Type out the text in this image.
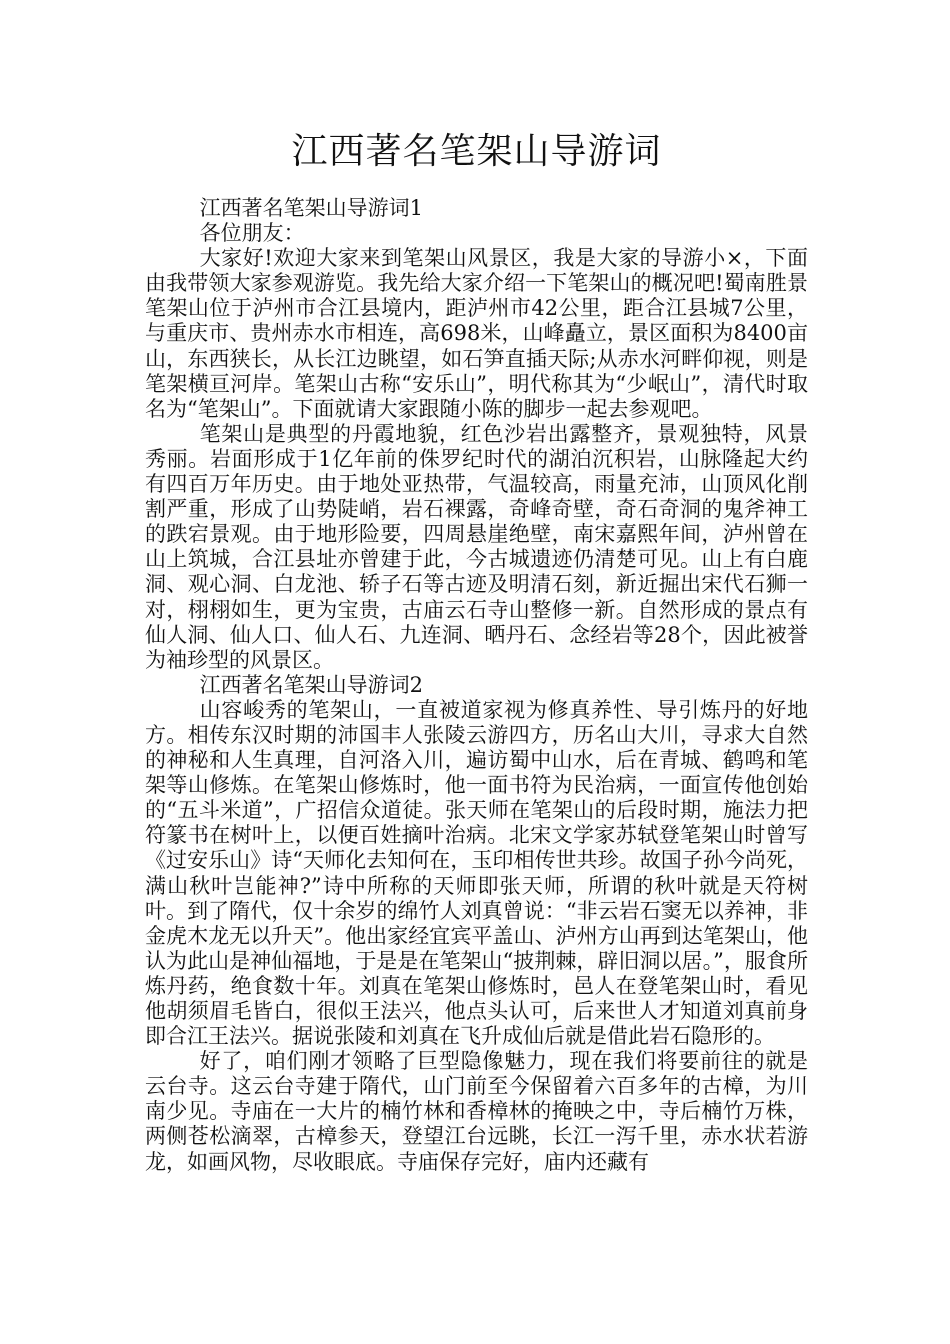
江西著名笔架山导游词

江西著名笔架山导游词1

各位朋友：

大家好!欢迎大家来到笔架山风景区，我是大家的导游小×，下面由我带领大家参观游览。我先给大家介绍一下笔架山的概况吧!蜀南胜景笔架山位于泸州市合江县境内，距泸州市42公里，距合江县城7公里，与重庆市、贵州赤水市相连，高698米，山峰矗立，景区面积为8400亩山，东西狭长，从长江边眺望，如石笋直插天际;从赤水河畔仰视，则是笔架横亘河岸。笔架山古称“安乐山”，明代称其为“少岷山”，清代时取名为“笔架山”。下面就请大家跟随小陈的脚步一起去参观吧。

笔架山是典型的丹霞地貌，红色沙岩出露整齐，景观独特，风景秀丽。岩面形成于1亿年前的侏罗纪时代的湖泊沉积岩，山脉隆起大约有四百万年历史。由于地处亚热带，气温较高，雨量充沛，山顶风化削割严重，形成了山势陡峭，岩石裸露，奇峰奇壁，奇石奇洞的鬼斧神工的跌宕景观。由于地形险要，四周悬崖绝壁，南宋嘉熙年间，泸州曾在山上筑城，合江县址亦曾建于此，今古城遗迹仍清楚可见。山上有白鹿洞、观心洞、白龙池、轿子石等古迹及明清石刻，新近掘出宋代石狮一对，栩栩如生，更为宝贵，古庙云石寺山整修一新。自然形成的景点有仙人洞、仙人口、仙人石、九连洞、晒丹石、念经岩等28个，因此被誉为袖珍型的风景区。

江西著名笔架山导游词2

山容峻秀的笔架山，一直被道家视为修真养性、导引炼丹的好地方。相传东汉时期的沛国丰人张陵云游四方，历名山大川，寻求大自然的神秘和人生真理，自河洛入川，遍访蜀中山水，后在青城、鹤鸣和笔架等山修炼。在笔架山修炼时，他一面书符为民治病，一面宣传他创始的“五斗米道”，广招信众道徒。张天师在笔架山的后段时期，施法力把符篆书在树叶上，以便百姓摘叶治病。北宋文学家苏轼登笔架山时曾写《过安乐山》诗“天师化去知何在，玉印相传世共珍。故国子孙今尚死，满山秋叶岂能神?”诗中所称的天师即张天师，所谓的秋叶就是天符树叶。到了隋代，仅十余岁的绵竹人刘真曾说：“非云岩石窦无以养神，非金虎木龙无以升天”。他出家经宜宾平盖山、泸州方山再到达笔架山，他认为此山是神仙福地，于是是在笔架山“披荆棘，辟旧洞以居。”，服食所炼丹药，绝食数十年。刘真在笔架山修炼时，邑人在登笔架山时，看见他胡须眉毛皆白，很似王法兴，他点头认可，后来世人才知道刘真前身即合江王法兴。据说张陵和刘真在飞升成仙后就是借此岩石隐形的。

好了，咱们刚才领略了巨型隐像魅力，现在我们将要前往的就是云台寺。这云台寺建于隋代，山门前至今保留着六百多年的古樟，为川南少见。寺庙在一大片的楠竹林和香樟林的掩映之中，寺后楠竹万株，两侧苍松滴翠，古樟参天，登望江台远眺，长江一泻千里，赤水状若游龙，如画风物，尽收眼底。寺庙保存完好，庙内还藏有
